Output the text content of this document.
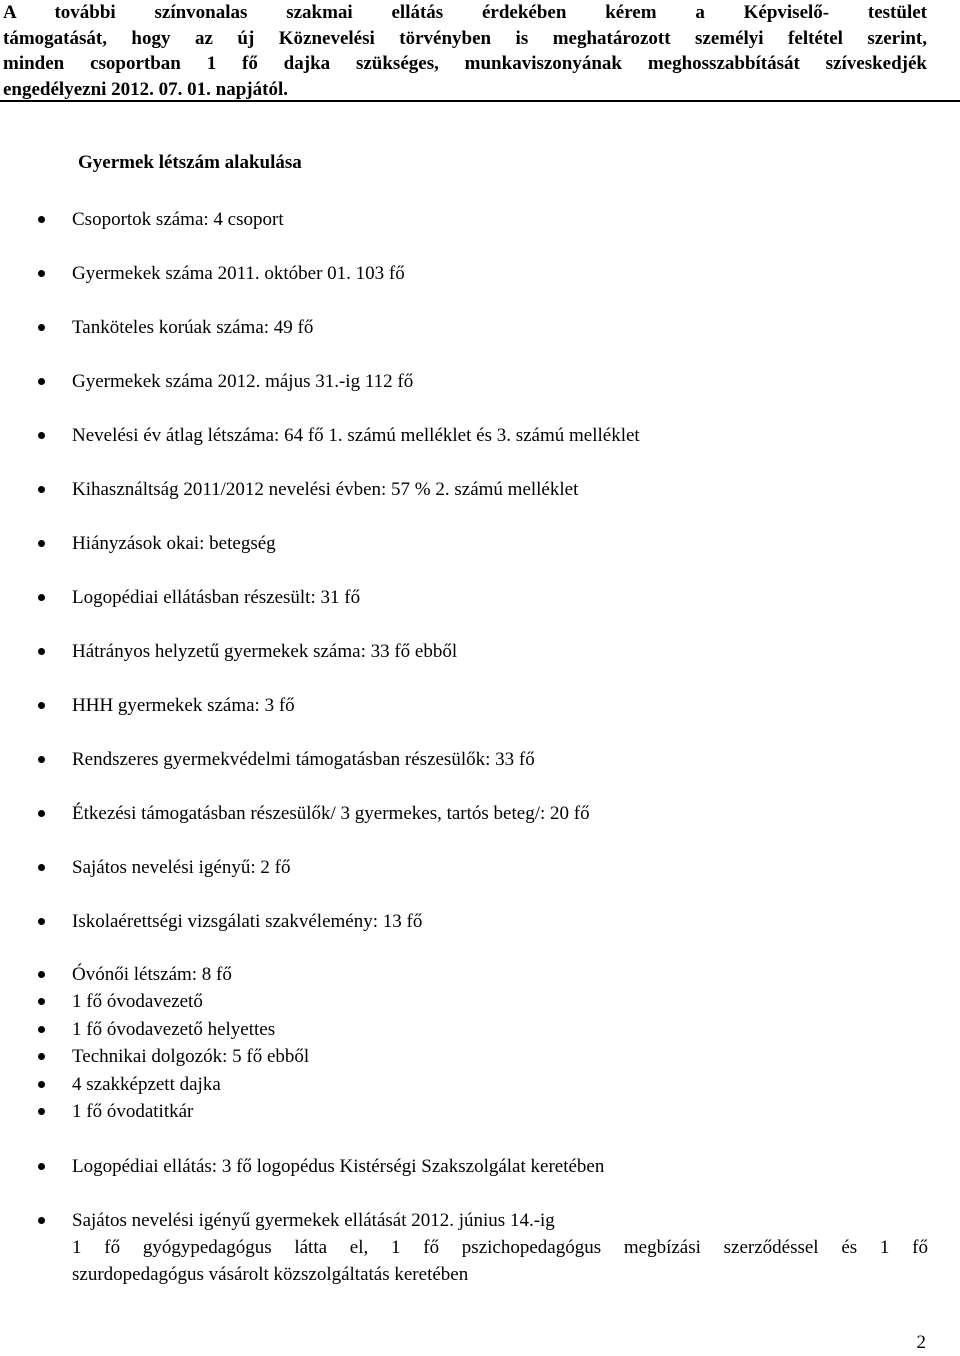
A további színvonalas szakmai ellátás érdekében kérem a Képviselő- testület
támogatását, hogy az új Köznevelési törvényben is meghatározott személyi feltétel szerint,
minden csoportban 1 fő dajka szükséges, munkaviszonyának meghosszabbítását szíveskedjék
engedélyezni 2012. 07. 01. napjától.
Gyermek létszám alakulása
Csoportok száma: 4 csoport
Gyermekek száma 2011. október 01. 103 fő
Tanköteles korúak száma: 49 fő
Gyermekek száma 2012. május 31.-ig 112 fő
Nevelési év átlag létszáma: 64 fő 1. számú melléklet és 3. számú melléklet
Kihasználtság 2011/2012 nevelési évben: 57 % 2. számú melléklet
Hiányzások okai: betegség
Logopédiai ellátásban részesült: 31 fő
Hátrányos helyzetű gyermekek száma: 33 fő ebből
HHH gyermekek száma: 3 fő
Rendszeres gyermekvédelmi támogatásban részesülők: 33 fő
Étkezési támogatásban részesülők/ 3 gyermekes, tartós beteg/: 20 fő
Sajátos nevelési igényű: 2 fő
Iskolaérettségi vizsgálati szakvélemény: 13 fő
Óvónői létszám: 8 fő
1 fő óvodavezető
1 fő óvodavezető helyettes
Technikai dolgozók: 5 fő ebből
4 szakképzett dajka
1 fő óvodatitkár
Logopédiai ellátás: 3 fő logopédus Kistérségi Szakszolgálat keretében
Sajátos nevelési igényű gyermekek ellátását 2012. június 14.-ig
1 fő gyógypedagógus látta el, 1 fő pszichopedagógus megbízási szerződéssel és 1 fő
szurdopedagógus vásárolt közszolgáltatás keretében
2
